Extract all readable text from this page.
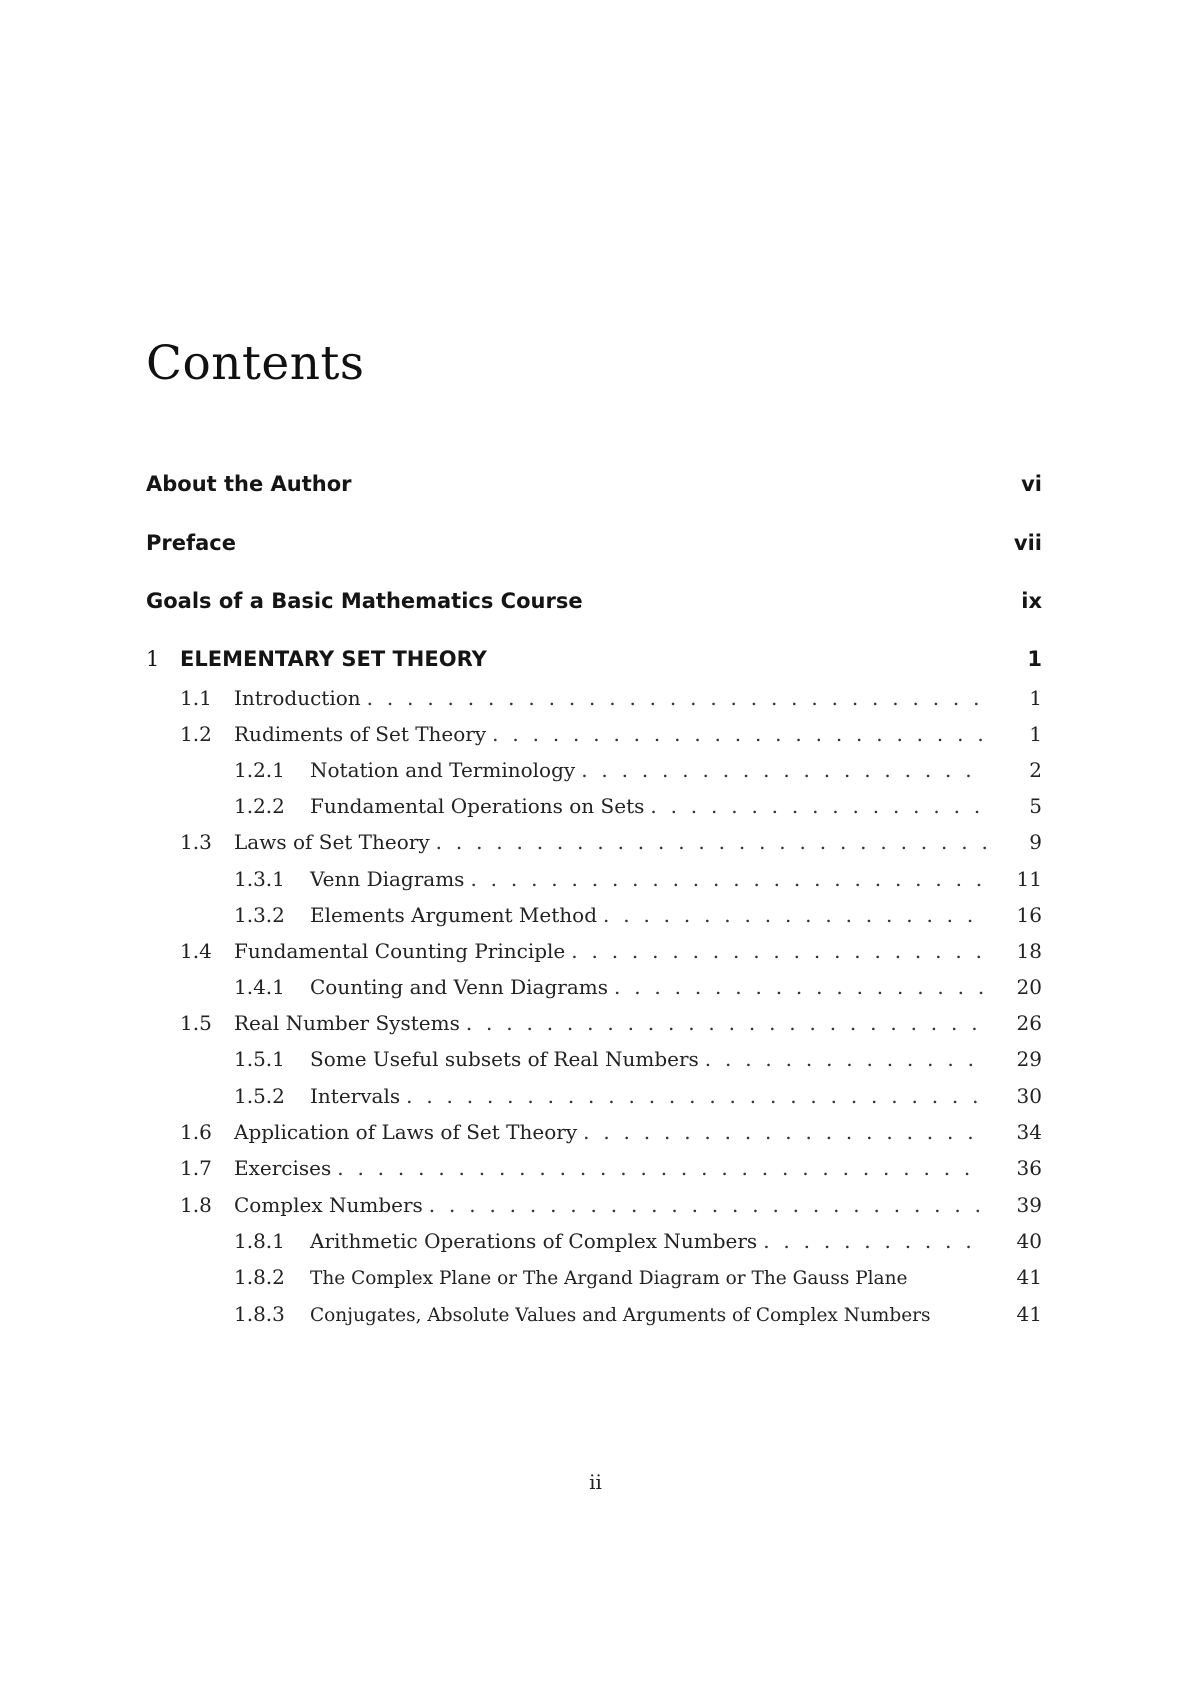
Contents
About the Author	vi
Preface	vii
Goals of a Basic Mathematics Course	ix
1 ELEMENTARY SET THEORY	1
1.1	Introduction . . .	1
1.2	Rudiments of Set Theory . . .	1
1.2.1	Notation and Terminology . . .	2
1.2.2	Fundamental Operations on Sets . . .	5
1.3	Laws of Set Theory . . .	9
1.3.1	Venn Diagrams . . .	11
1.3.2	Elements Argument Method . . .	16
1.4	Fundamental Counting Principle . . .	18
1.4.1	Counting and Venn Diagrams . . .	20
1.5	Real Number Systems . . .	26
1.5.1	Some Useful subsets of Real Numbers . . .	29
1.5.2	Intervals . . .	30
1.6	Application of Laws of Set Theory . . .	34
1.7	Exercises . . .	36
1.8	Complex Numbers . . .	39
1.8.1	Arithmetic Operations of Complex Numbers . . .	40
1.8.2	The Complex Plane or The Argand Diagram or The Gauss Plane	41
1.8.3	Conjugates, Absolute Values and Arguments of Complex Numbers	41
ii
